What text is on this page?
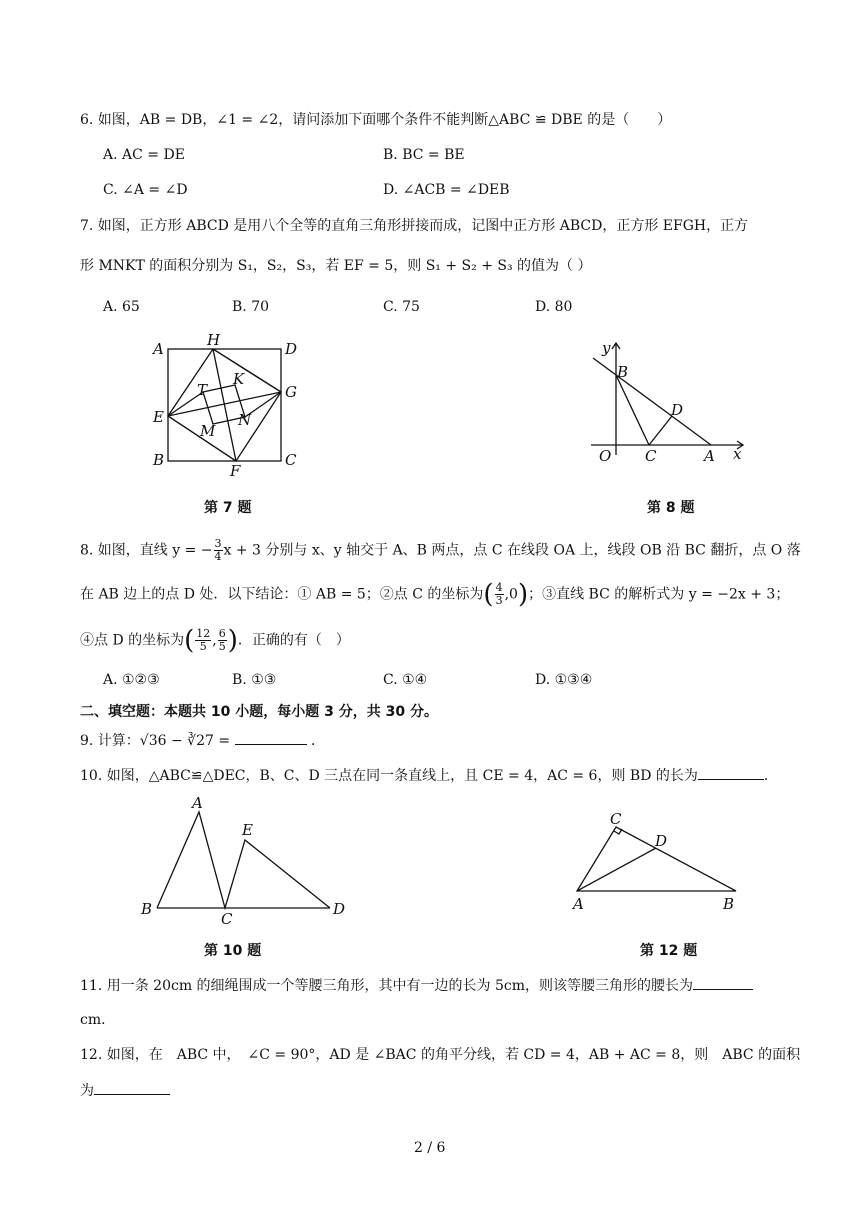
6. 如图，AB = DB，∠1 = ∠2，请问添加下面哪个条件不能判断△ABC ≌ DBE 的是（　　）
A. AC = DE	B. BC = BE
C. ∠A = ∠D	D. ∠ACB = ∠DEB
7. 如图，正方形 ABCD 是用八个全等的直角三角形拼接而成，记图中正方形 ABCD，正方形 EFGH，正方
形 MNKT 的面积分别为 S₁，S₂，S₃，若 EF = 5，则 S₁ + S₂ + S₃ 的值为（ ）
A. 65	B. 70	C. 75	D. 80
A	H	D
T
K
G
E
M
N
B
F
C
第 7 题
y
B
D
O C	A x
第 8 题
8. 如图，直线 y = − $\frac{3}{4}$ x + 3 分别与 x、y 轴交于 A、B 两点，点 C 在线段 OA 上，线段 OB 沿 BC 翻折，点 O 落
在 AB 边上的点 D 处．以下结论：① AB = 5；②点 C 的坐标为( $\frac{4}{3} ,0$)；③直线 BC 的解析式为 y = −2x + 3；
④点 D 的坐标为( $\frac{12}{5}$ , $\frac{6}{5}$ )．正确的有（　）
A. ①②③	B. ①③	C. ①④	D. ①③④
二、填空题：本题共 10 小题，每小题 3 分，共 30 分。
9. 计算：√36 − ∛27 =	．
10. 如图，△ABC≌△DEC，B、C、D 三点在同一条直线上，且 CE = 4，AC = 6，则 BD 的长为	．
A
E
B
C
D
第 10 题
C
D
A	B
第 12 题
11. 用一条 20cm 的细绳围成一个等腰三角形，其中有一边的长为 5cm，则该等腰三角形的腰长为
cm．
12. 如图，在　ABC 中，　∠C = 90°，AD 是 ∠BAC 的角平分线，若 CD = 4，AB + AC = 8，则　ABC 的面积
为
2 / 6
